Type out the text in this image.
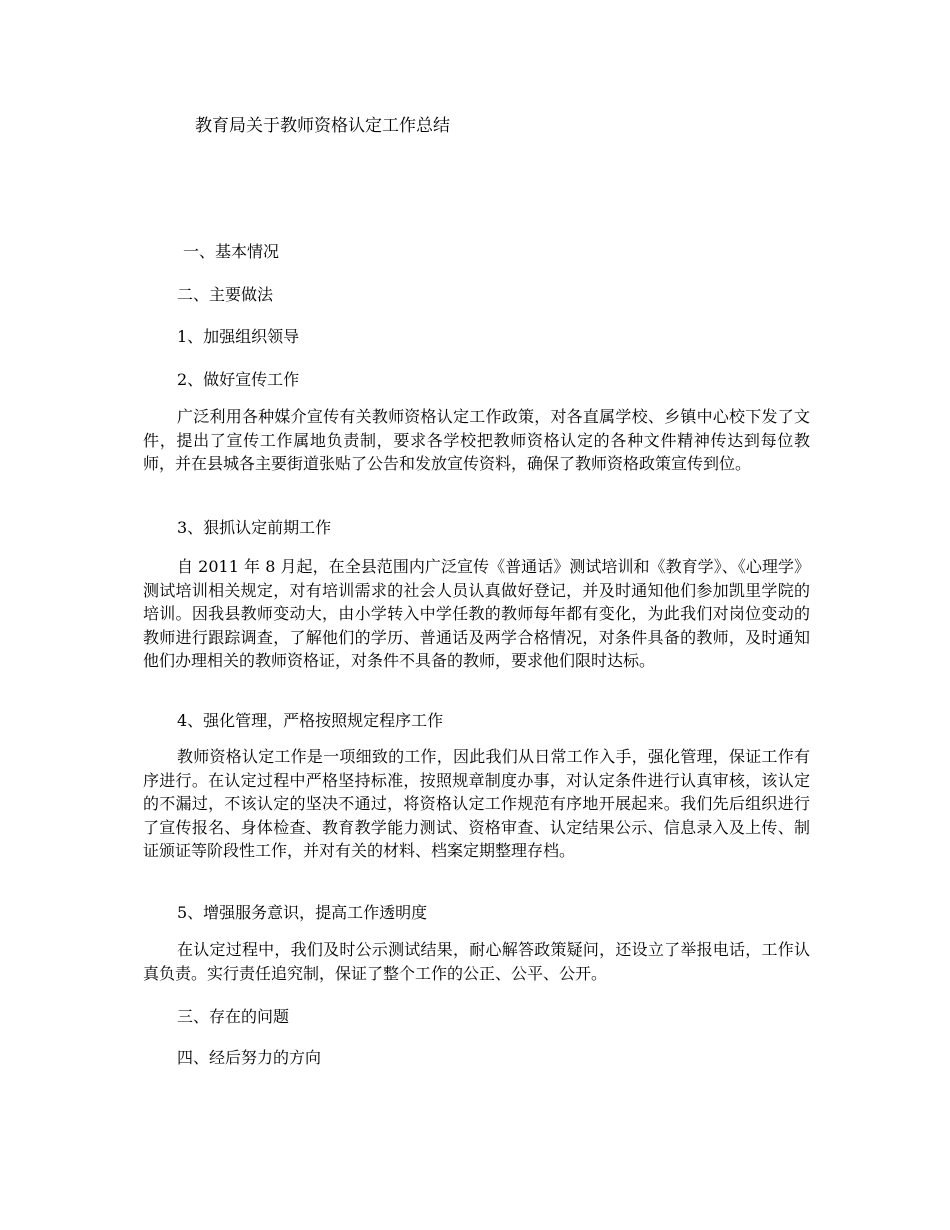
教育局关于教师资格认定工作总结

一、基本情况

二、主要做法

1、加强组织领导

2、做好宣传工作

广泛利用各种媒介宣传有关教师资格认定工作政策，对各直属学校、乡镇中心校下发了文件，提出了宣传工作属地负责制，要求各学校把教师资格认定的各种文件精神传达到每位教师，并在县城各主要街道张贴了公告和发放宣传资料，确保了教师资格政策宣传到位。

3、狠抓认定前期工作

自 2011 年 8 月起，在全县范围内广泛宣传《普通话》测试培训和《教育学》、《心理学》测试培训相关规定，对有培训需求的社会人员认真做好登记，并及时通知他们参加凯里学院的培训。因我县教师变动大，由小学转入中学任教的教师每年都有变化，为此我们对岗位变动的教师进行跟踪调查，了解他们的学历、普通话及两学合格情况，对条件具备的教师，及时通知他们办理相关的教师资格证，对条件不具备的教师，要求他们限时达标。

4、强化管理，严格按照规定程序工作

教师资格认定工作是一项细致的工作，因此我们从日常工作入手，强化管理，保证工作有序进行。在认定过程中严格坚持标准，按照规章制度办事，对认定条件进行认真审核，该认定的不漏过，不该认定的坚决不通过，将资格认定工作规范有序地开展起来。我们先后组织进行了宣传报名、身体检查、教育教学能力测试、资格审查、认定结果公示、信息录入及上传、制证颁证等阶段性工作，并对有关的材料、档案定期整理存档。

5、增强服务意识，提高工作透明度

在认定过程中，我们及时公示测试结果，耐心解答政策疑问，还设立了举报电话，工作认真负责。实行责任追究制，保证了整个工作的公正、公平、公开。

三、存在的问题

四、经后努力的方向
